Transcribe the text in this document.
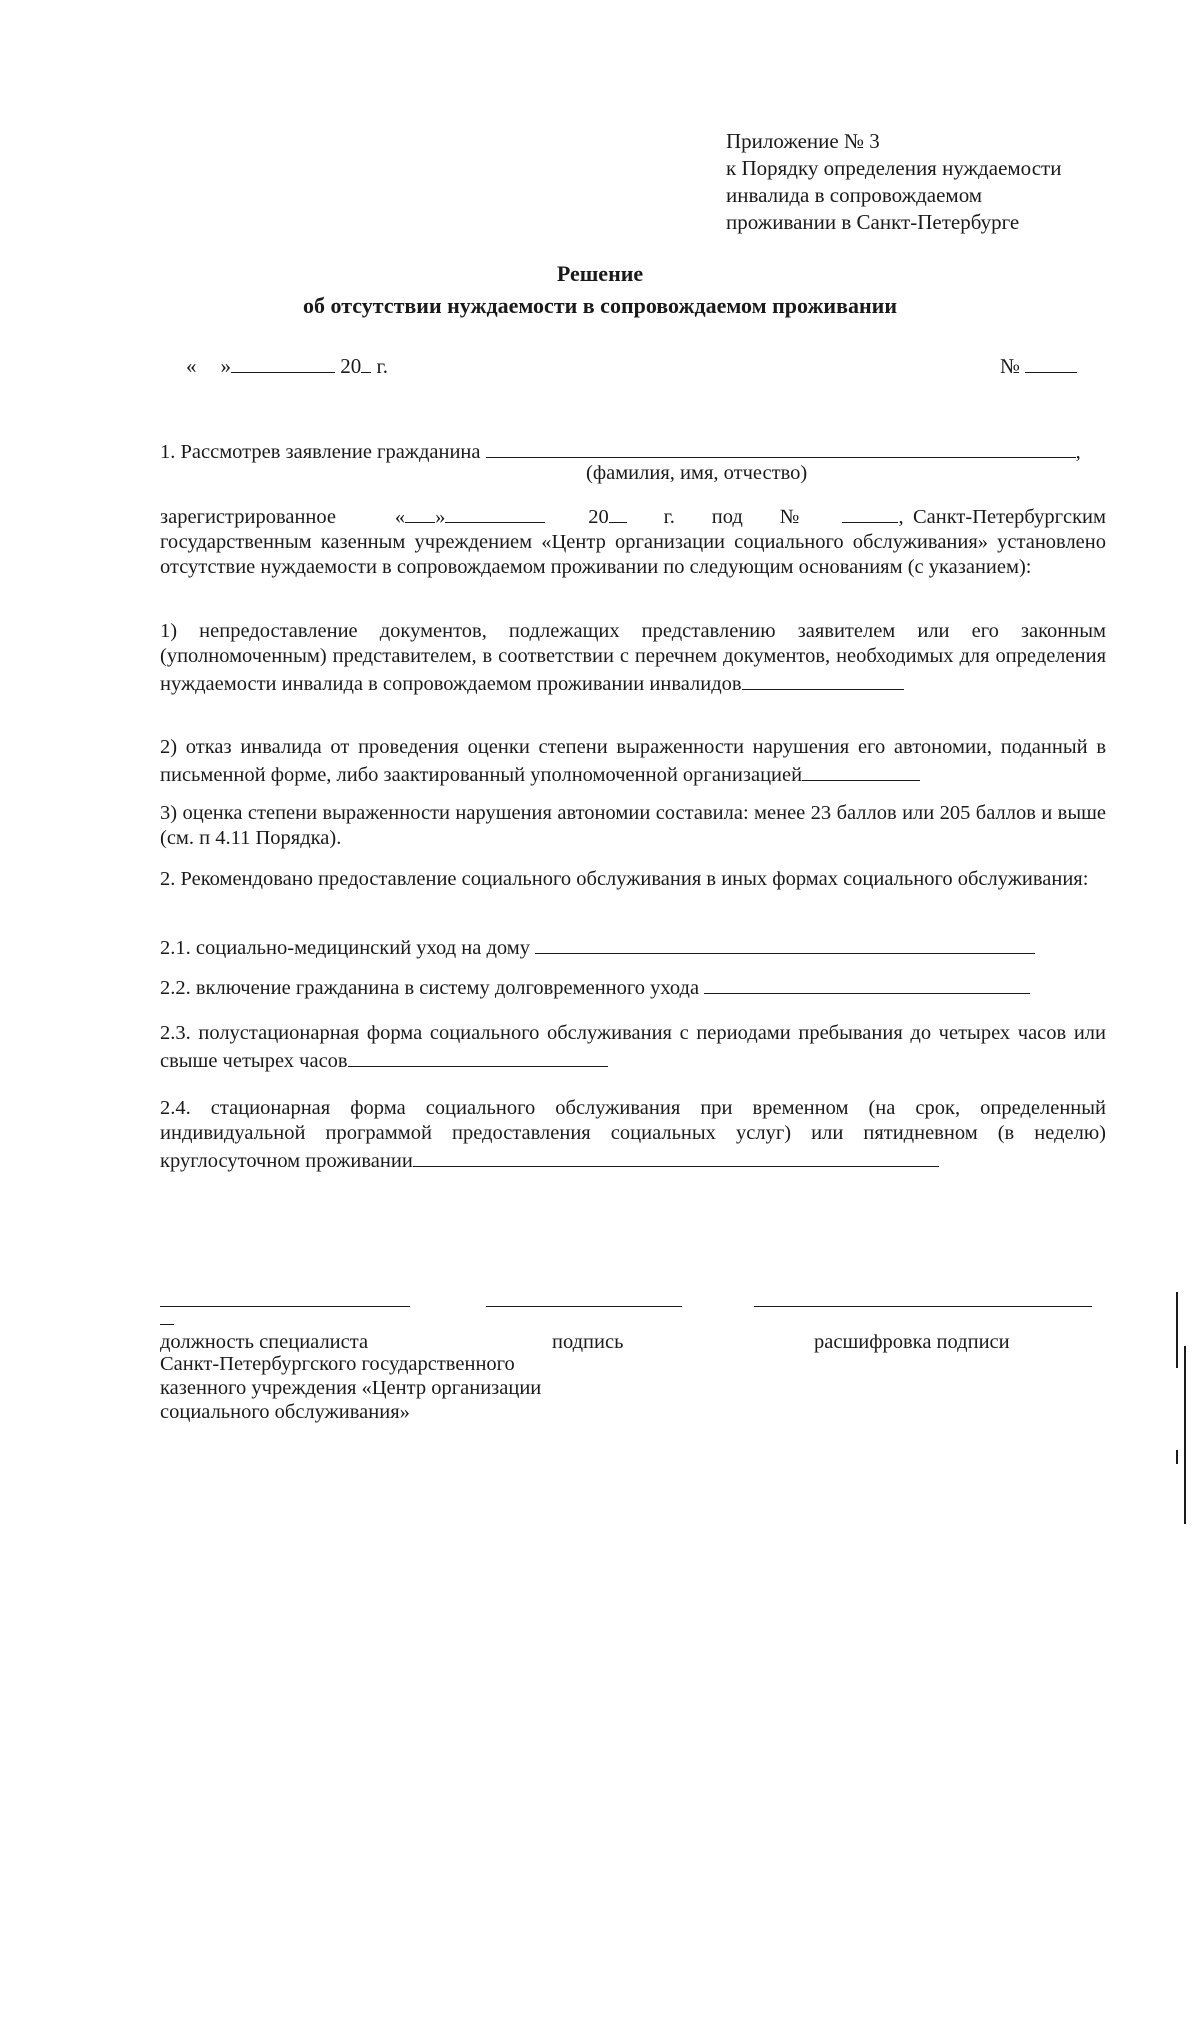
Приложение № 3
к Порядку определения нуждаемости
инвалида в сопровождаемом
проживании в Санкт-Петербурге
Решение
об отсутствии нуждаемости в сопровождаемом проживании
« »	20 г.	№
1. Рассмотрев заявление гражданина	,
(фамилия, имя, отчество)
зарегистрированное	« »	20	г. под №	, Санкт-Петербургским государственным казенным учреждением «Центр организации социального обслуживания» установлено отсутствие нуждаемости в сопровождаемом проживании по следующим основаниям (с указанием):
1) непредоставление документов, подлежащих представлению заявителем или его законным (уполномоченным) представителем, в соответствии с перечнем документов, необходимых для определения нуждаемости инвалида в сопровождаемом проживании инвалидов
2) отказ инвалида от проведения оценки степени выраженности нарушения его автономии, поданный в письменной форме, либо заактированный уполномоченной организацией
3) оценка степени выраженности нарушения автономии составила: менее 23 баллов или 205 баллов и выше (см. п 4.11 Порядка).
2. Рекомендовано предоставление социального обслуживания в иных формах социального обслуживания:
2.1. социально-медицинский уход на дому
2.2. включение гражданина в систему долговременного ухода
2.3. полустационарная форма социального обслуживания с периодами пребывания до четырех часов или свыше четырех часов
2.4. стационарная форма социального обслуживания при временном (на срок, определенный индивидуальной программой предоставления социальных услуг) или пятидневном (в неделю) круглосуточном проживании
должность специалиста	подпись	расшифровка подписи
Санкт-Петербургского государственного
казенного учреждения «Центр организации
социального обслуживания»
